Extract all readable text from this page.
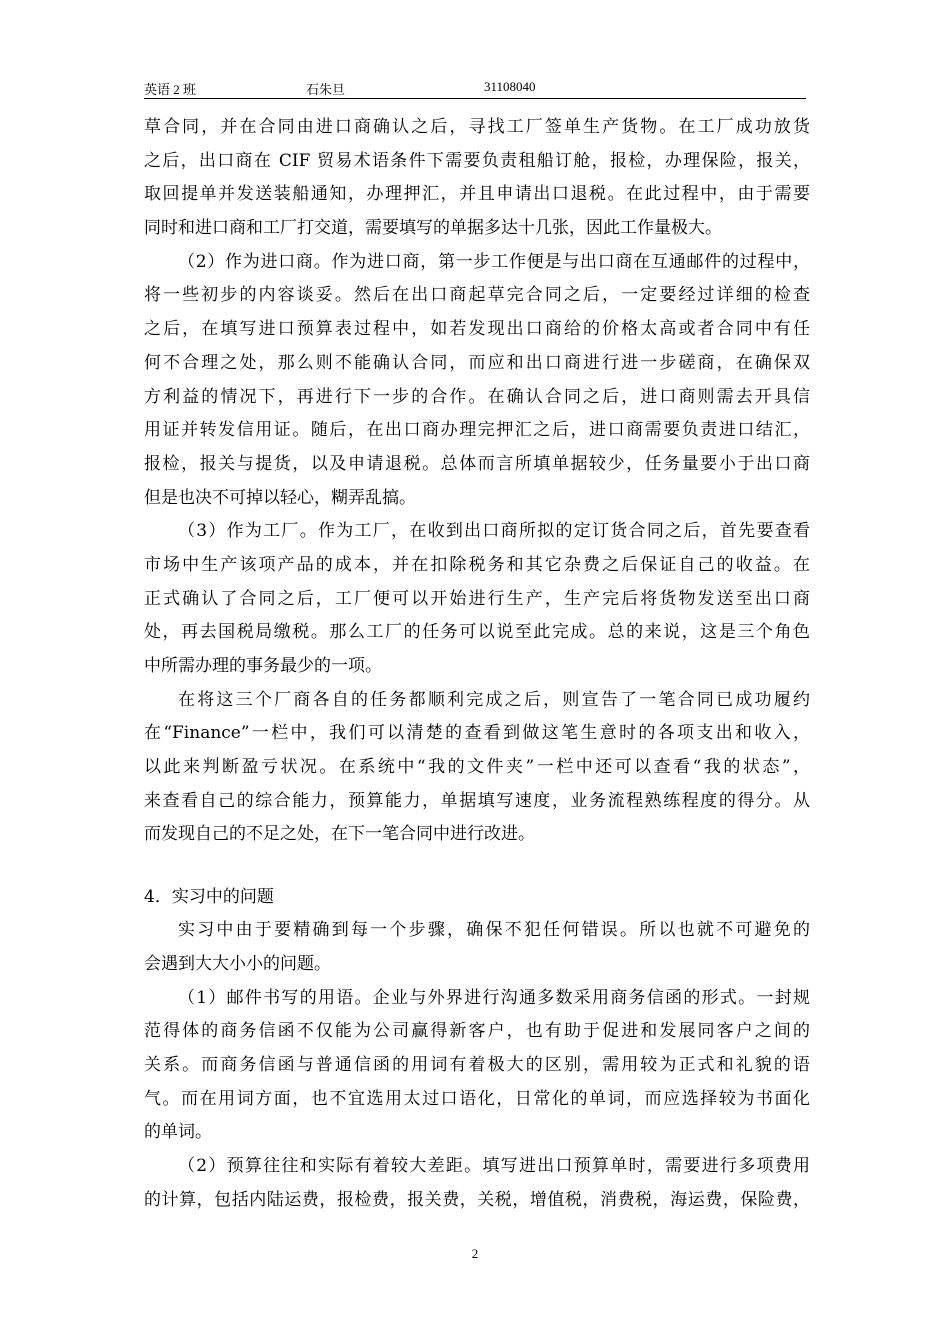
英语 2 班	石朱旦	31108040
草合同，并在合同由进口商确认之后，寻找工厂签单生产货物。在工厂成功放货
之后，出口商在 CIF 贸易术语条件下需要负责租船订舱，报检，办理保险，报关，
取回提单并发送装船通知，办理押汇，并且申请出口退税。在此过程中，由于需要
同时和进口商和工厂打交道，需要填写的单据多达十几张，因此工作量极大。
（2）作为进口商。作为进口商，第一步工作便是与出口商在互通邮件的过程中，
将一些初步的内容谈妥。然后在出口商起草完合同之后，一定要经过详细的检查
之后，在填写进口预算表过程中，如若发现出口商给的价格太高或者合同中有任
何不合理之处，那么则不能确认合同，而应和出口商进行进一步磋商，在确保双
方利益的情况下，再进行下一步的合作。在确认合同之后，进口商则需去开具信
用证并转发信用证。随后，在出口商办理完押汇之后，进口商需要负责进口结汇，
报检，报关与提货，以及申请退税。总体而言所填单据较少，任务量要小于出口商
但是也决不可掉以轻心，糊弄乱搞。
（3）作为工厂。作为工厂，在收到出口商所拟的定订货合同之后，首先要查看
市场中生产该项产品的成本，并在扣除税务和其它杂费之后保证自己的收益。在
正式确认了合同之后，工厂便可以开始进行生产，生产完后将货物发送至出口商
处，再去国税局缴税。那么工厂的任务可以说至此完成。总的来说，这是三个角色
中所需办理的事务最少的一项。
在将这三个厂商各自的任务都顺利完成之后，则宣告了一笔合同已成功履约
在“Finance”一栏中，我们可以清楚的查看到做这笔生意时的各项支出和收入，
以此来判断盈亏状况。在系统中“我的文件夹”一栏中还可以查看“我的状态”，
来查看自己的综合能力，预算能力，单据填写速度，业务流程熟练程度的得分。从
而发现自己的不足之处，在下一笔合同中进行改进。
4．实习中的问题
实习中由于要精确到每一个步骤，确保不犯任何错误。所以也就不可避免的
会遇到大大小小的问题。
（1）邮件书写的用语。企业与外界进行沟通多数采用商务信函的形式。一封规
范得体的商务信函不仅能为公司赢得新客户，也有助于促进和发展同客户之间的
关系。而商务信函与普通信函的用词有着极大的区别，需用较为正式和礼貌的语
气。而在用词方面，也不宜选用太过口语化，日常化的单词，而应选择较为书面化
的单词。
（2）预算往往和实际有着较大差距。填写进出口预算单时，需要进行多项费用
的计算，包括内陆运费，报检费，报关费，关税，增值税，消费税，海运费，保险费，
2
